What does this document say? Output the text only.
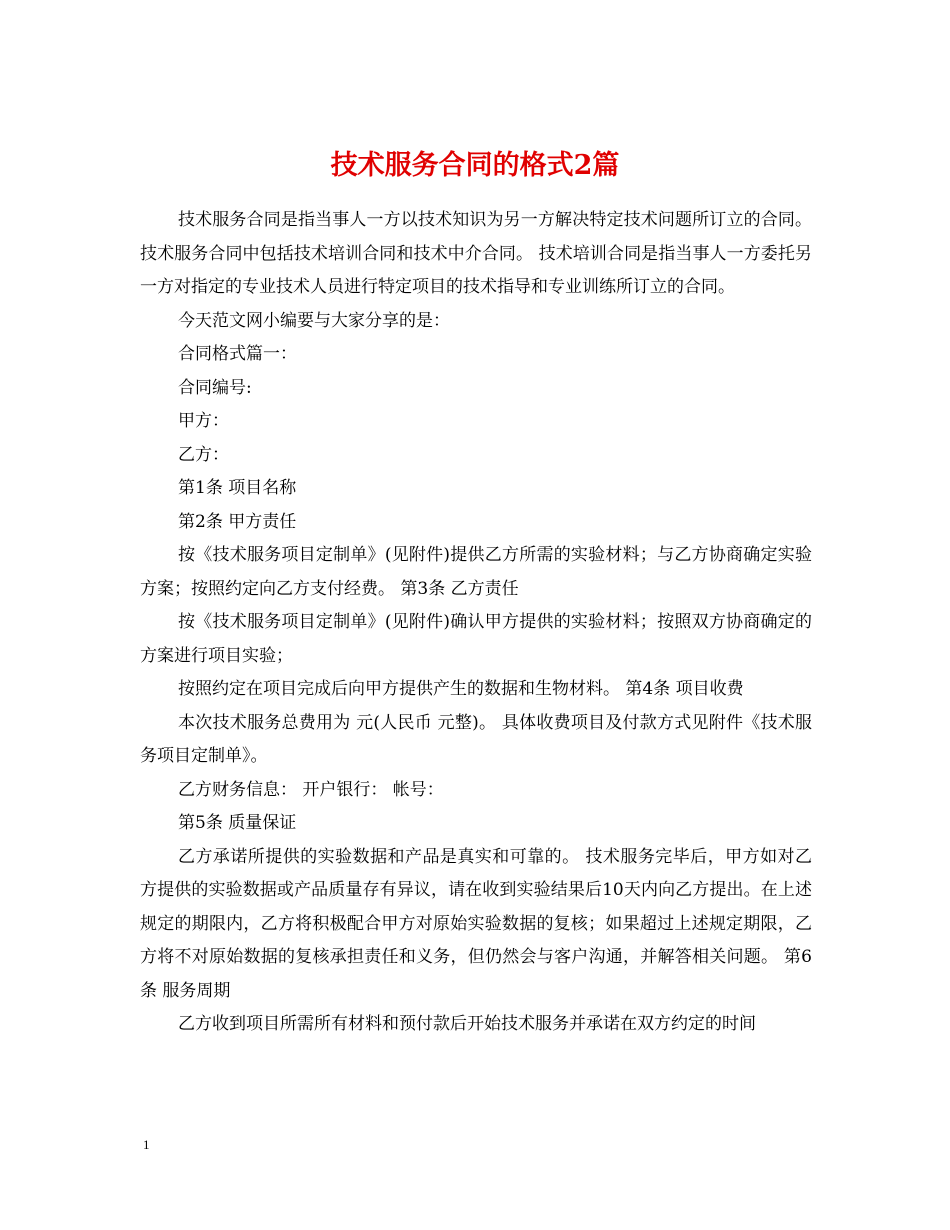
技术服务合同的格式2篇

技术服务合同是指当事人一方以技术知识为另一方解决特定技术问题所订立的合同。技术服务合同中包括技术培训合同和技术中介合同。 技术培训合同是指当事人一方委托另一方对指定的专业技术人员进行特定项目的技术指导和专业训练所订立的合同。

今天范文网小编要与大家分享的是：

合同格式篇一：

合同编号:

甲方：

乙方：

第1条 项目名称

第2条 甲方责任

按《技术服务项目定制单》(见附件)提供乙方所需的实验材料；与乙方协商确定实验方案；按照约定向乙方支付经费。 第3条 乙方责任

按《技术服务项目定制单》(见附件)确认甲方提供的实验材料；按照双方协商确定的方案进行项目实验；

按照约定在项目完成后向甲方提供产生的数据和生物材料。 第4条 项目收费

本次技术服务总费用为 元(人民币 元整)。 具体收费项目及付款方式见附件《技术服务项目定制单》。

乙方财务信息： 开户银行： 帐号：

第5条 质量保证

乙方承诺所提供的实验数据和产品是真实和可靠的。 技术服务完毕后，甲方如对乙方提供的实验数据或产品质量存有异议，请在收到实验结果后10天内向乙方提出。在上述规定的期限内，乙方将积极配合甲方对原始实验数据的复核；如果超过上述规定期限，乙方将不对原始数据的复核承担责任和义务，但仍然会与客户沟通，并解答相关问题。 第6条 服务周期

乙方收到项目所需所有材料和预付款后开始技术服务并承诺在双方约定的时间

1
